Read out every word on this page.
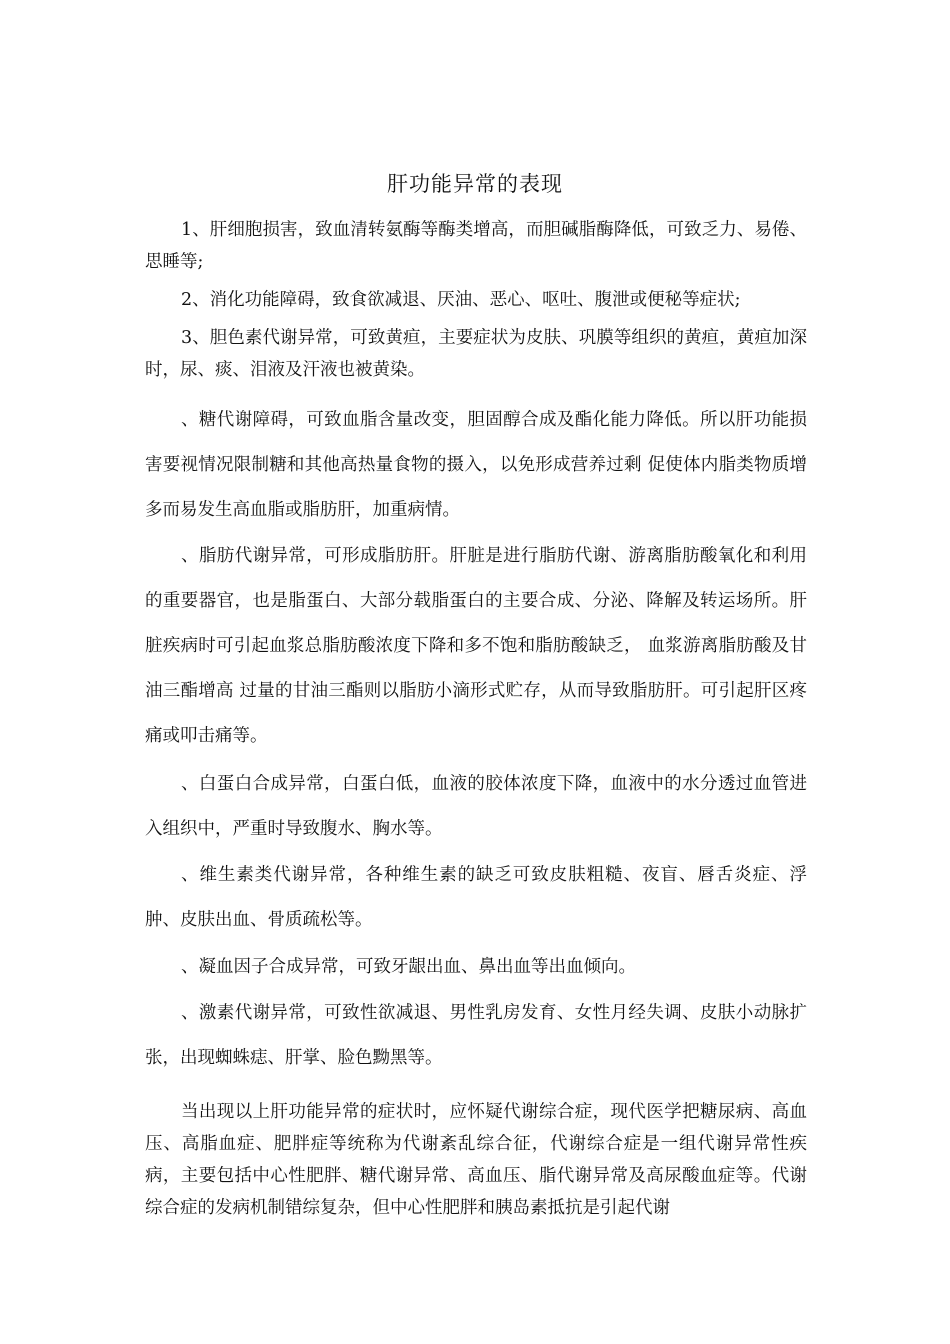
肝功能异常的表现

1、肝细胞损害，致血清转氨酶等酶类增高，而胆碱脂酶降低，可致乏力、易倦、思睡等;

2、消化功能障碍，致食欲减退、厌油、恶心、呕吐、腹泄或便秘等症状;

3、胆色素代谢异常，可致黄疸，主要症状为皮肤、巩膜等组织的黄疸，黄疸加深时，尿、痰、泪液及汗液也被黄染。

、糖代谢障碍，可致血脂含量改变，胆固醇合成及酯化能力降低。所以肝功能损害要视情况限制糖和其他高热量食物的摄入，以免形成营养过剩 促使体内脂类物质增多而易发生高血脂或脂肪肝，加重病情。

、脂肪代谢异常，可形成脂肪肝。肝脏是进行脂肪代谢、游离脂肪酸氧化和利用的重要器官，也是脂蛋白、大部分载脂蛋白的主要合成、分泌、降解及转运场所。肝脏疾病时可引起血浆总脂肪酸浓度下降和多不饱和脂肪酸缺乏， 血浆游离脂肪酸及甘油三酯增高 过量的甘油三酯则以脂肪小滴形式贮存，从而导致脂肪肝。可引起肝区疼痛或叩击痛等。

、白蛋白合成异常，白蛋白低，血液的胶体浓度下降，血液中的水分透过血管进入组织中，严重时导致腹水、胸水等。

、维生素类代谢异常，各种维生素的缺乏可致皮肤粗糙、夜盲、唇舌炎症、浮肿、皮肤出血、骨质疏松等。

、凝血因子合成异常，可致牙龈出血、鼻出血等出血倾向。

、激素代谢异常，可致性欲减退、男性乳房发育、女性月经失调、皮肤小动脉扩张，出现蜘蛛痣、肝掌、脸色黝黑等。

当出现以上肝功能异常的症状时，应怀疑代谢综合症，现代医学把糖尿病、高血压、高脂血症、肥胖症等统称为代谢紊乱综合征，代谢综合症是一组代谢异常性疾病，主要包括中心性肥胖、糖代谢异常、高血压、脂代谢异常及高尿酸血症等。代谢综合症的发病机制错综复杂，但中心性肥胖和胰岛素抵抗是引起代谢
